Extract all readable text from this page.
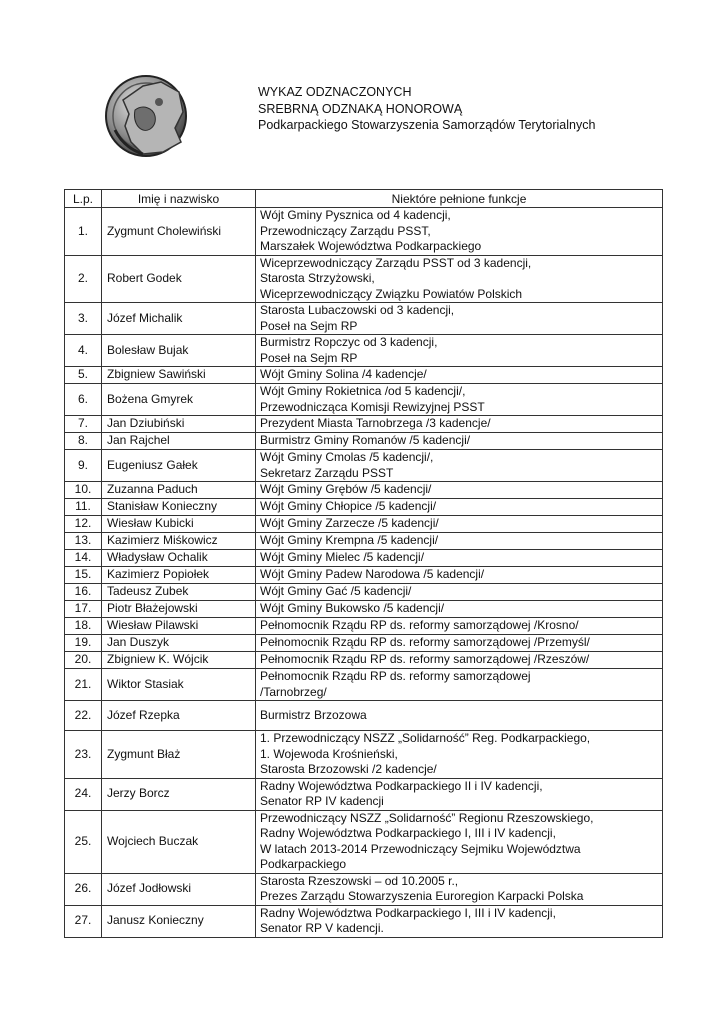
WYKAZ ODZNACZONYCH
SREBRNĄ ODZNAKĄ HONOROWĄ
Podkarpackiego Stowarzyszenia Samorządów Terytorialnych
L.p.	Imię i nazwisko	Niektóre pełnione funkcje
1.	Zygmunt Cholewiński	Wójt Gminy Pysznica od 4 kadencji,
Przewodniczący Zarządu PSST,
Marszałek Województwa Podkarpackiego

2.	Robert Godek	Wiceprzewodniczący Zarządu PSST od 3 kadencji,
Starosta Strzyżowski,
Wiceprzewodniczący Związku Powiatów Polskich

3.	Józef Michalik	Starosta Lubaczowski od 3 kadencji,
Poseł na Sejm RP

4.	Bolesław Bujak	Burmistrz Ropczyc od 3 kadencji,
Poseł na Sejm RP

5.	Zbigniew Sawiński	Wójt Gminy Solina /4 kadencje/

6.	Bożena Gmyrek	Wójt Gminy Rokietnica /od 5 kadencji/,
Przewodnicząca Komisji Rewizyjnej PSST

7.	Jan Dziubiński	Prezydent Miasta Tarnobrzega /3 kadencje/

8.	Jan Rajchel	Burmistrz Gminy Romanów /5 kadencji/

9.	Eugeniusz Gałek	Wójt Gminy Cmolas /5 kadencji/,
Sekretarz Zarządu PSST

10.	Zuzanna Paduch	Wójt Gminy Grębów /5 kadencji/

11.	Stanisław Konieczny	Wójt Gminy Chłopice /5 kadencji/

12.	Wiesław Kubicki	Wójt Gminy Zarzecze /5 kadencji/

13.	Kazimierz Miśkowicz	Wójt Gminy Krempna /5 kadencji/

14.	Władysław Ochalik	Wójt Gminy Mielec /5 kadencji/

15.	Kazimierz Popiołek	Wójt Gminy Padew Narodowa /5 kadencji/

16.	Tadeusz Zubek	Wójt Gminy Gać /5 kadencji/

17.	Piotr Błażejowski	Wójt Gminy Bukowsko /5 kadencji/

18.	Wiesław Pilawski	Pełnomocnik Rządu RP ds. reformy samorządowej /Krosno/

19.	Jan Duszyk	Pełnomocnik Rządu RP ds. reformy samorządowej /Przemyśl/

20.	Zbigniew K. Wójcik	Pełnomocnik Rządu RP ds. reformy samorządowej /Rzeszów/

21.	Wiktor Stasiak	Pełnomocnik Rządu RP ds. reformy samorządowej
/Tarnobrzeg/

22.	Józef Rzepka	Burmistrz Brzozowa

23.	Zygmunt Błaż	1. Przewodniczący NSZZ „Solidarność” Reg. Podkarpackiego,
1. Wojewoda Krośnieński,
Starosta Brzozowski /2 kadencje/

24.	Jerzy Borcz	Radny Województwa Podkarpackiego II i IV kadencji,
Senator RP IV kadencji

25.	Wojciech Buczak	Przewodniczący NSZZ „Solidarność” Regionu Rzeszowskiego,
Radny Województwa Podkarpackiego I, III i IV kadencji,
W latach 2013-2014 Przewodniczący Sejmiku Województwa Podkarpackiego

26.	Józef Jodłowski	Starosta Rzeszowski – od 10.2005 r.,
Prezes Zarządu Stowarzyszenia Euroregion Karpacki Polska

27.	Janusz Konieczny	Radny Województwa Podkarpackiego I, III i IV kadencji,
Senator RP V kadencji.
